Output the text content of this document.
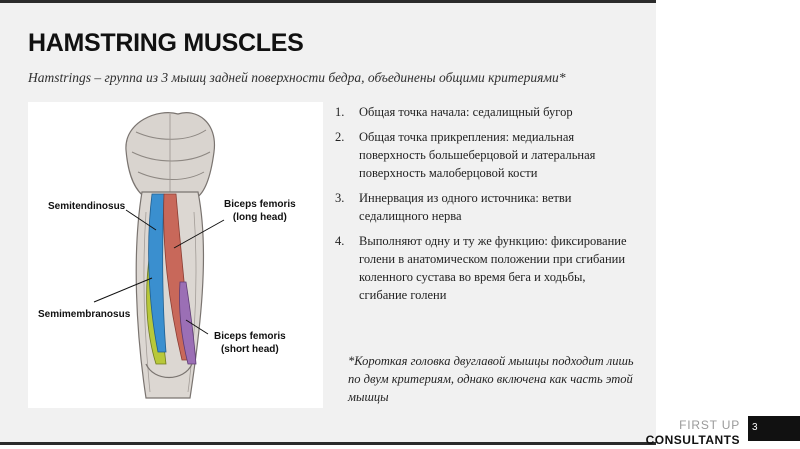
HAMSTRING MUSCLES
Hamstrings – группа из 3 мышц задней поверхности бедра, объединены общими критериями*
Semitendinosus	Biceps femoris
(long head)
Semimembranosus
Biceps femoris
(short head)
1. Общая точка начала: седалищный бугор
2. Общая точка прикрепления: медиальная поверхность большеберцовой и латеральная поверхность малоберцовой кости
3. Иннервация из одного источника: ветви седалищного нерва
4. Выполняют одну и ту же функцию: фиксирование голени в анатомическом положении при сгибании коленного сустава во время бега и ходьбы, сгибание голени
*Короткая головка двуглавой мышцы подходит лишь по двум критериям, однако включена как часть этой мышцы
FIRST UP
CONSULTANTS
3
